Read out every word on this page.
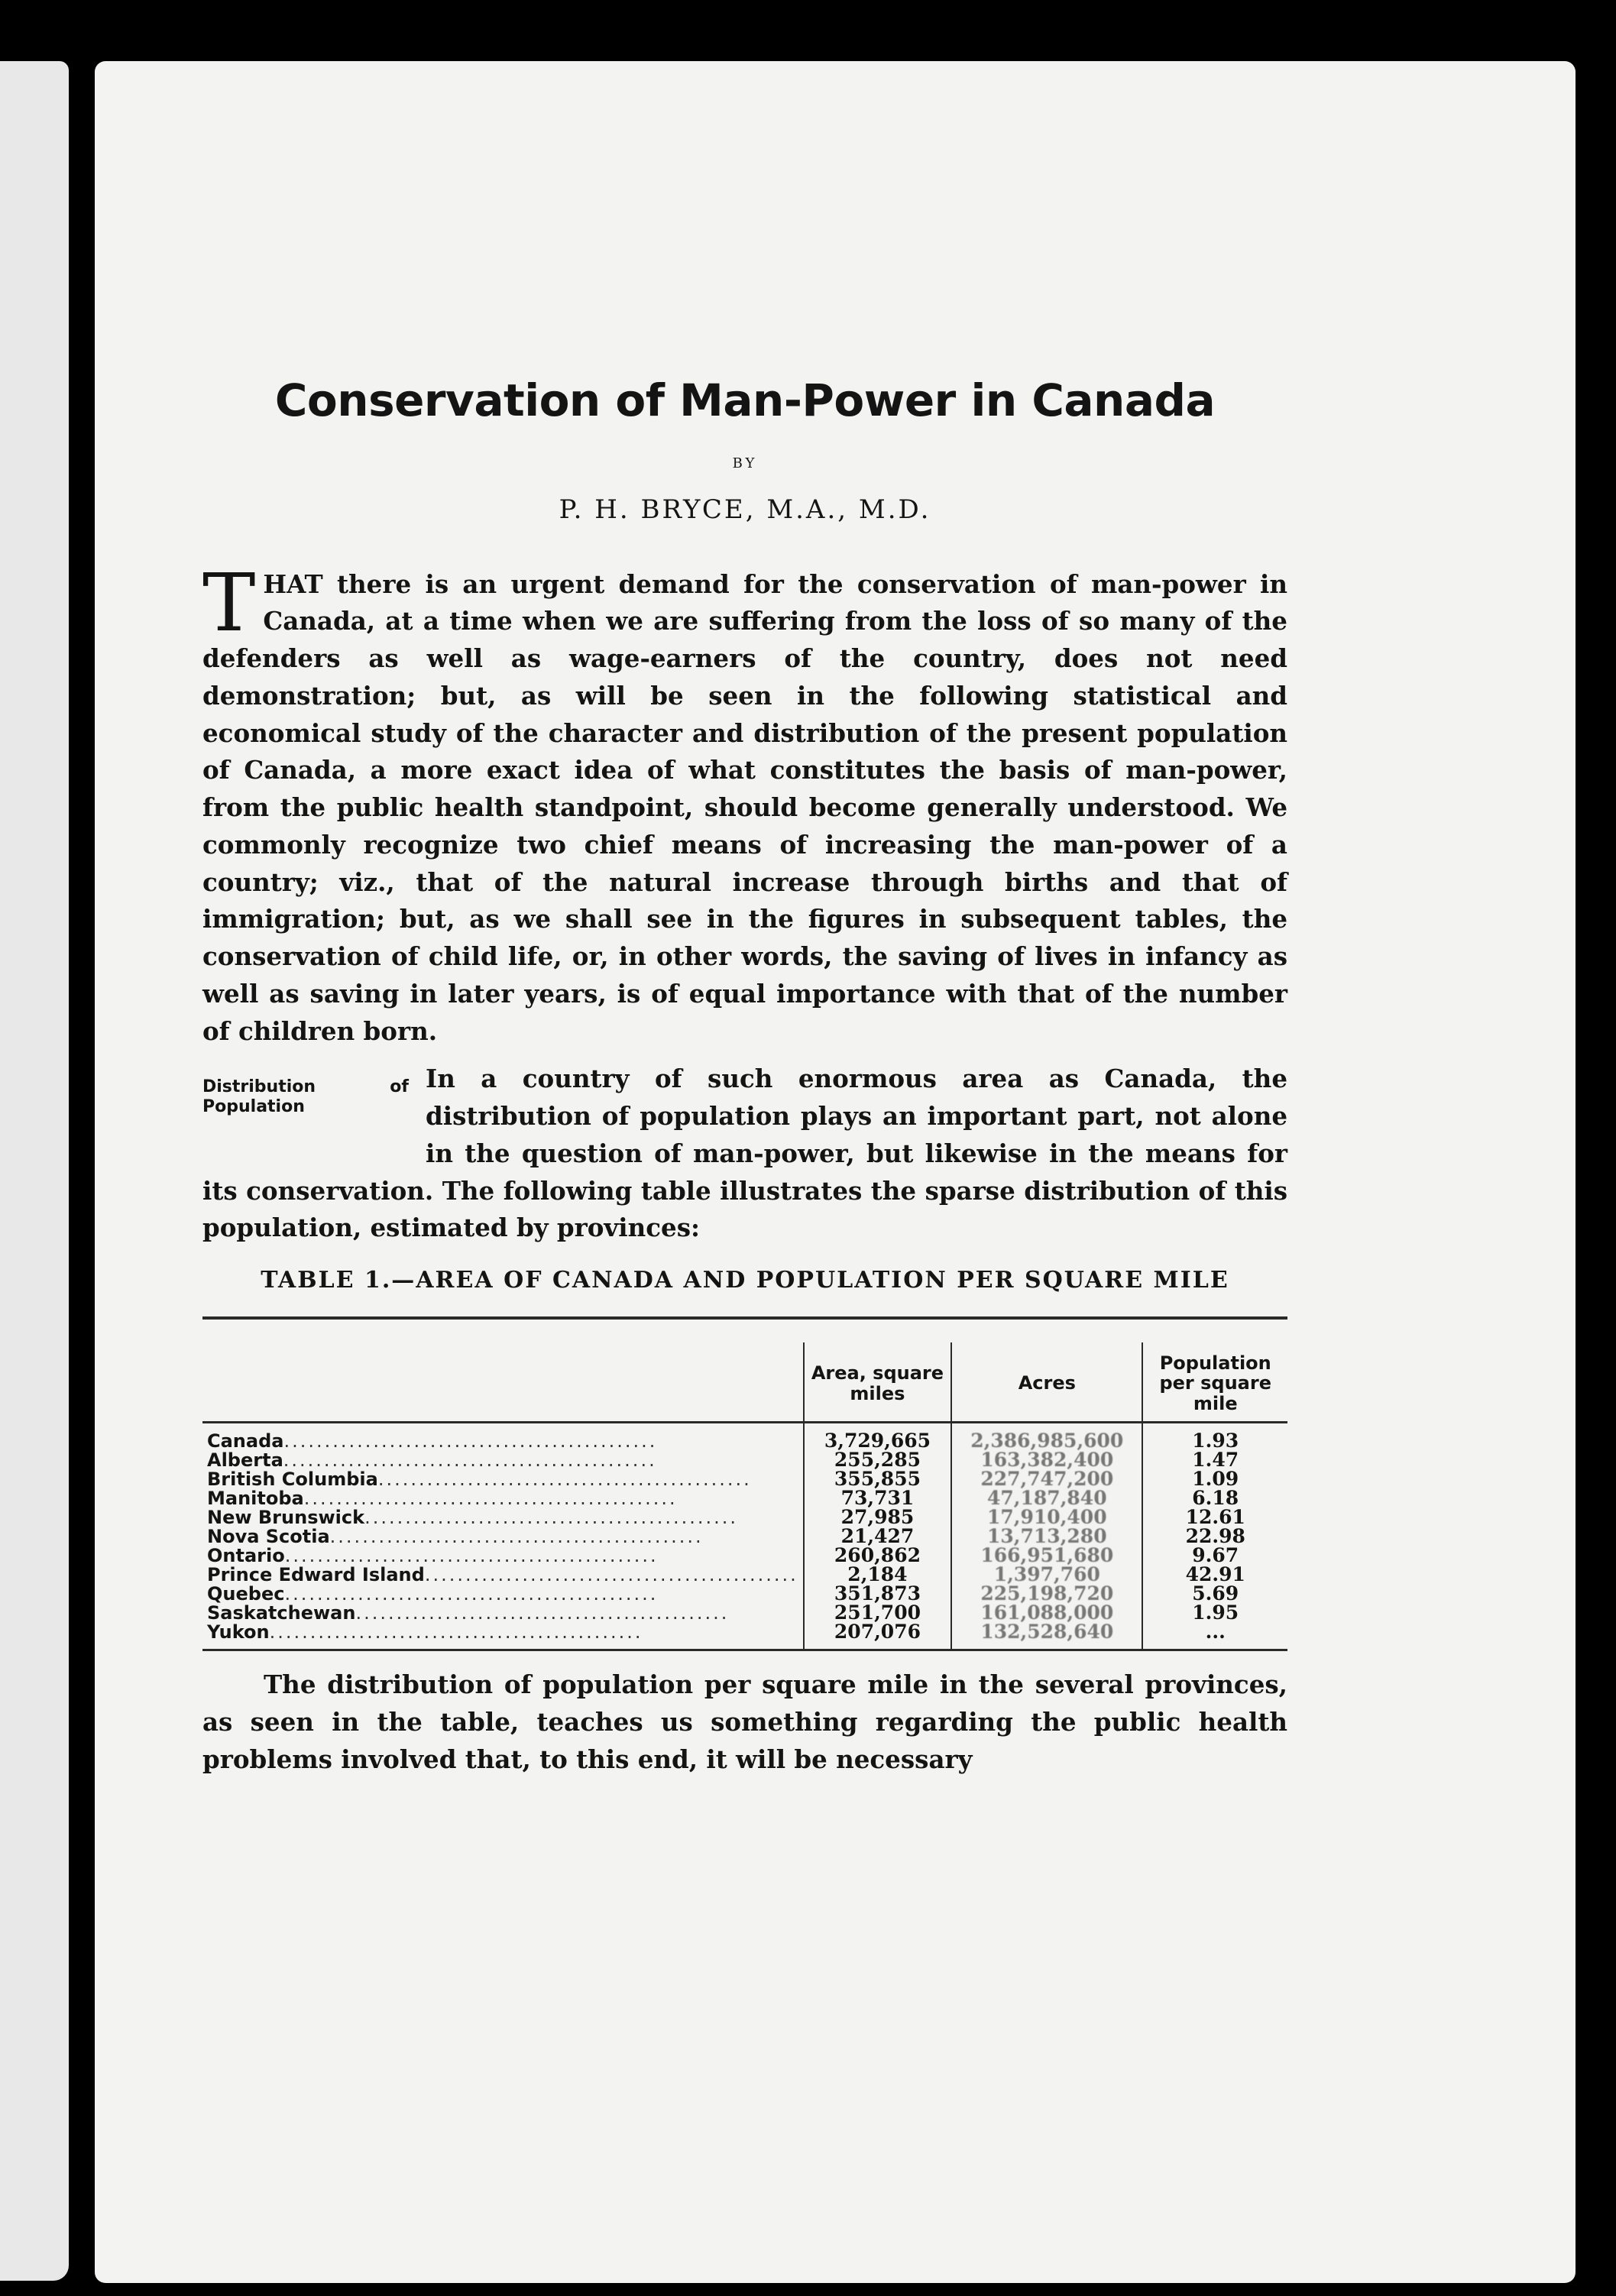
Conservation of Man-Power in Canada
BY
P. H. BRYCE, M.A., M.D.
T HAT there is an urgent demand for the conservation of man-power in Canada, at a time when we are suffering from the loss of so many of the defenders as well as wage-earners of the country, does not need demonstration; but, as will be seen in the following statistical and economical study of the character and distribution of the present population of Canada, a more exact idea of what constitutes the basis of man-power, from the public health standpoint, should become generally understood. We commonly recognize two chief means of increasing the man-power of a country; viz., that of the natural increase through births and that of immigration; but, as we shall see in the figures in subsequent tables, the conservation of child life, or, in other words, the saving of lives in infancy as well as saving in later years, is of equal importance with that of the number of children born.
Distribution of Population
In a country of such enormous area as Canada, the distribution of population plays an important part, not alone in the question of man-power, but likewise in the means for its conservation. The following table illustrates the sparse distribution of this population, estimated by provinces:
TABLE 1.—AREA OF CANADA AND POPULATION PER SQUARE MILE
	Area, square miles	Acres	Population per square mile
Canada..............................................	3,729,665	2,386,985,600	1.93
Alberta..............................................	255,285	163,382,400	1.47
British Columbia..............................................	355,855	227,747,200	1.09
Manitoba..............................................	73,731	47,187,840	6.18
New Brunswick..............................................	27,985	17,910,400	12.61
Nova Scotia..............................................	21,427	13,713,280	22.98
Ontario..............................................	260,862	166,951,680	9.67
Prince Edward Island..............................................	2,184	1,397,760	42.91
Quebec..............................................	351,873	225,198,720	5.69
Saskatchewan..............................................	251,700	161,088,000	1.95
Yukon..............................................	207,076	132,528,640	...
The distribution of population per square mile in the several provinces, as seen in the table, teaches us something regarding the public health problems involved that, to this end, it will be necessary
